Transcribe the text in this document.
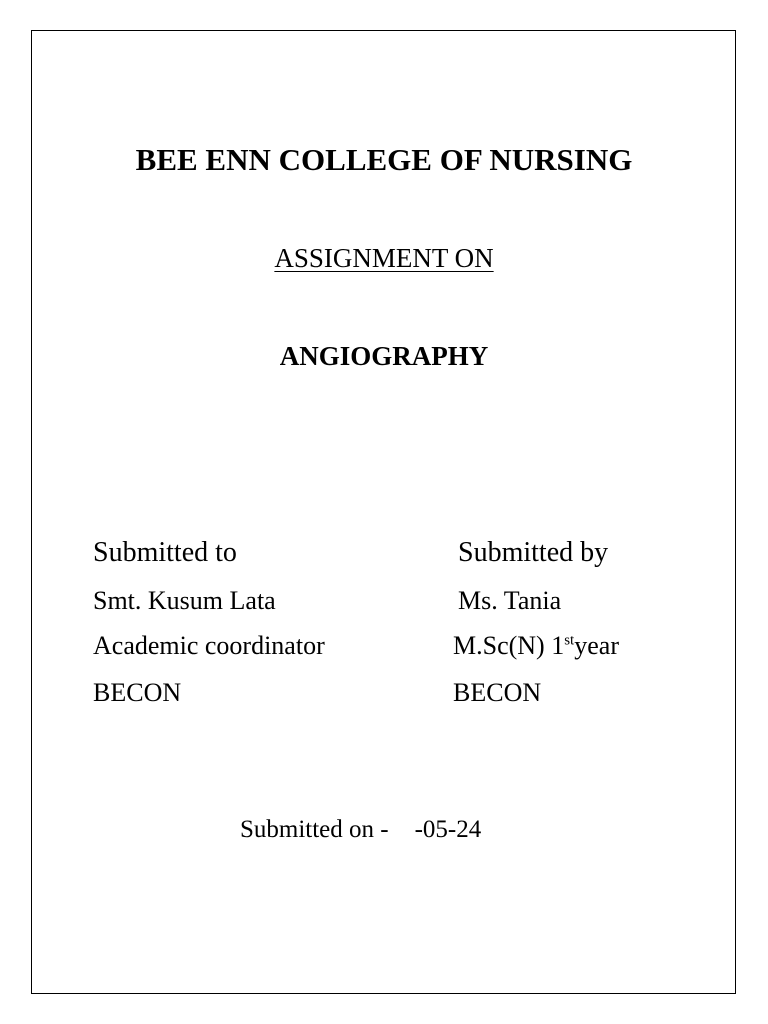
BEE ENN COLLEGE OF NURSING
ASSIGNMENT ON
ANGIOGRAPHY
Submitted to	Submitted by
Smt. Kusum Lata	Ms. Tania
Academic coordinator	M.Sc(N) 1styear
BECON	BECON
Submitted on - -05-24
